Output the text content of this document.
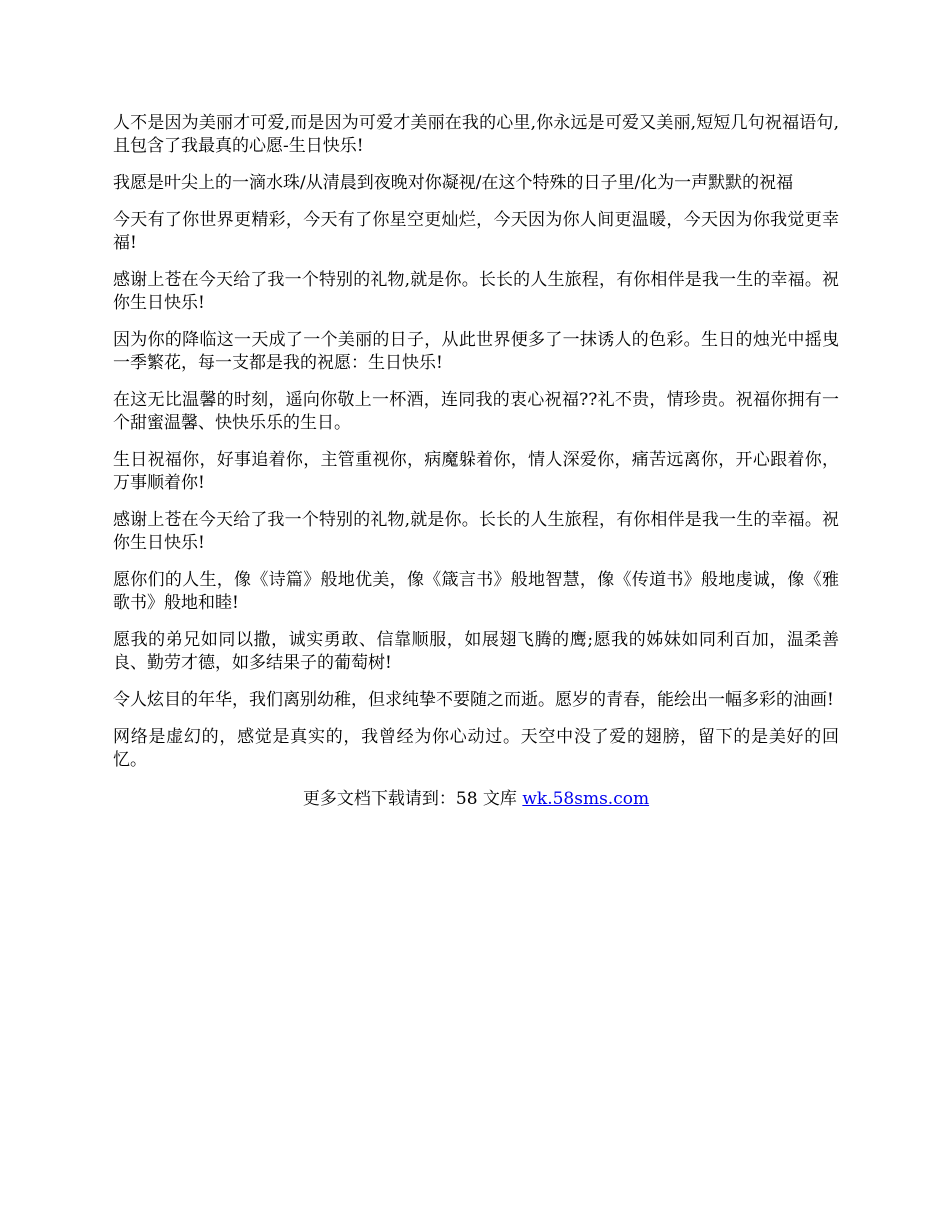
人不是因为美丽才可爱,而是因为可爱才美丽在我的心里,你永远是可爱又美丽,短短几句祝福语句,且包含了我最真的心愿-生日快乐!

我愿是叶尖上的一滴水珠/从清晨到夜晚对你凝视/在这个特殊的日子里/化为一声默默的祝福

今天有了你世界更精彩，今天有了你星空更灿烂，今天因为你人间更温暖，今天因为你我觉更幸福!

感谢上苍在今天给了我一个特别的礼物,就是你。长长的人生旅程，有你相伴是我一生的幸福。祝你生日快乐!

因为你的降临这一天成了一个美丽的日子，从此世界便多了一抹诱人的色彩。生日的烛光中摇曳一季繁花，每一支都是我的祝愿：生日快乐!

在这无比温馨的时刻，遥向你敬上一杯酒，连同我的衷心祝福??礼不贵，情珍贵。祝福你拥有一个甜蜜温馨、快快乐乐的生日。

生日祝福你，好事追着你，主管重视你，病魔躲着你，情人深爱你，痛苦远离你，开心跟着你，万事顺着你!

感谢上苍在今天给了我一个特别的礼物,就是你。长长的人生旅程，有你相伴是我一生的幸福。祝你生日快乐!

愿你们的人生，像《诗篇》般地优美，像《箴言书》般地智慧，像《传道书》般地虔诚，像《雅歌书》般地和睦!

愿我的弟兄如同以撒，诚实勇敢、信靠顺服，如展翅飞腾的鹰;愿我的姊妹如同利百加，温柔善良、勤劳才德，如多结果子的葡萄树!

令人炫目的年华，我们离别幼稚，但求纯挚不要随之而逝。愿岁的青春，能绘出一幅多彩的油画!

网络是虚幻的，感觉是真实的，我曾经为你心动过。天空中没了爱的翅膀，留下的是美好的回忆。

更多文档下载请到：58 文库 wk.58sms.com
